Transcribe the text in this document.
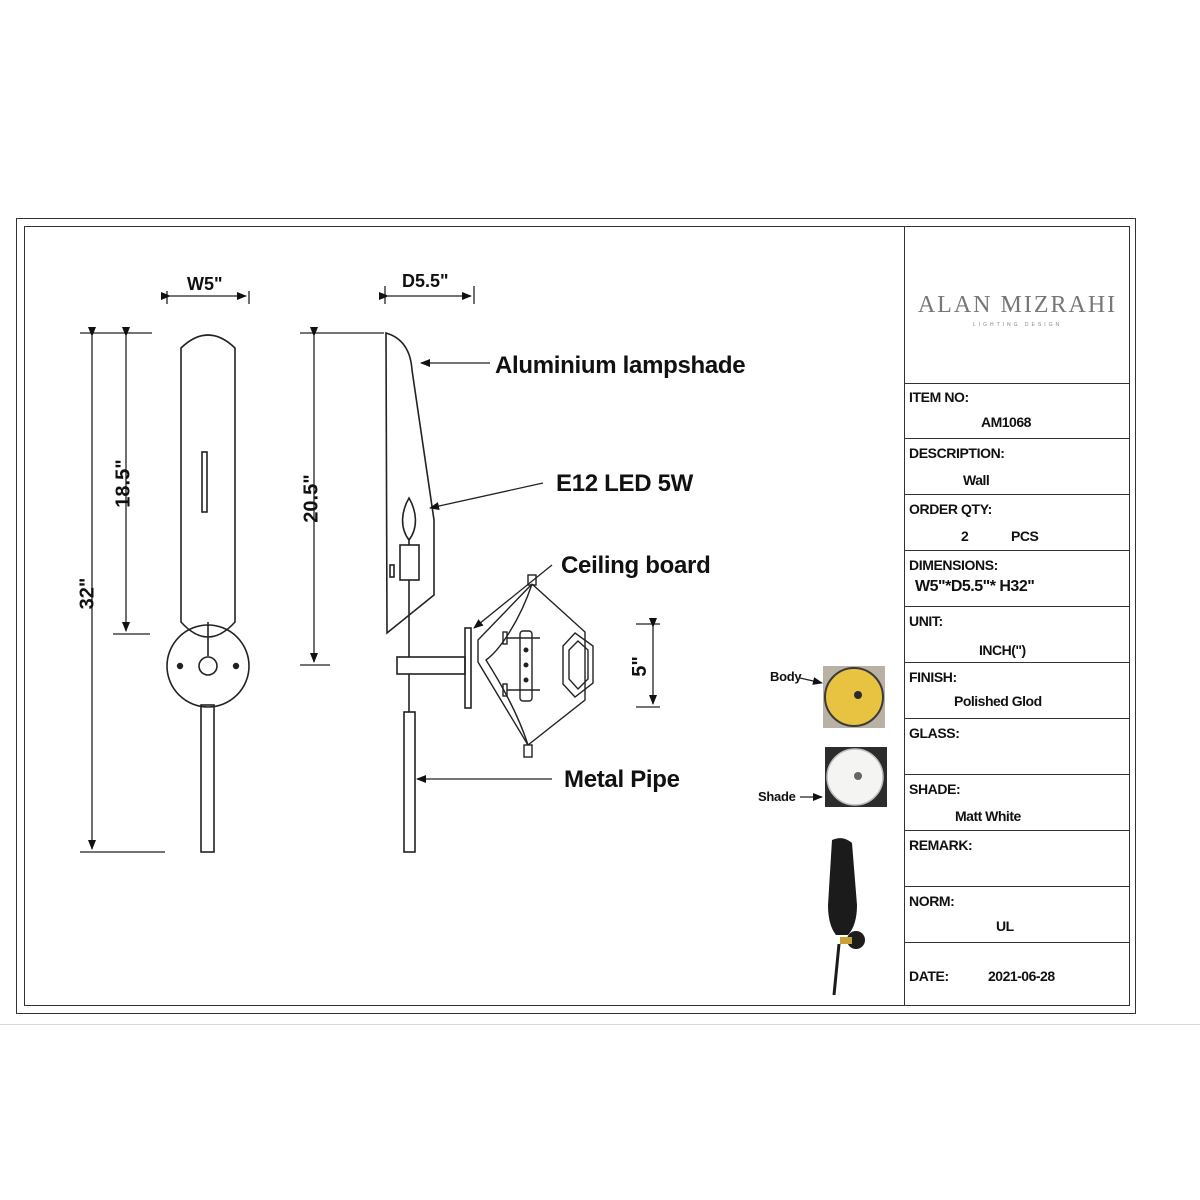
W5"	D5.5"
32"
18.5"	20.5"
5"
Aluminium lampshade
E12 LED 5W
Ceiling board
Metal Pipe
Body
Shade
ALAN MIZRAHI
LIGHTING DESIGN
ITEM NO:
AM1068
DESCRIPTION:
Wall
ORDER QTY:
2	PCS
DIMENSIONS:
W5"*D5.5"* H32"
UNIT:
INCH(")
FINISH:
Polished Glod
GLASS:
SHADE:
Matt White
REMARK:
NORM:
UL
DATE:	2021-06-28
